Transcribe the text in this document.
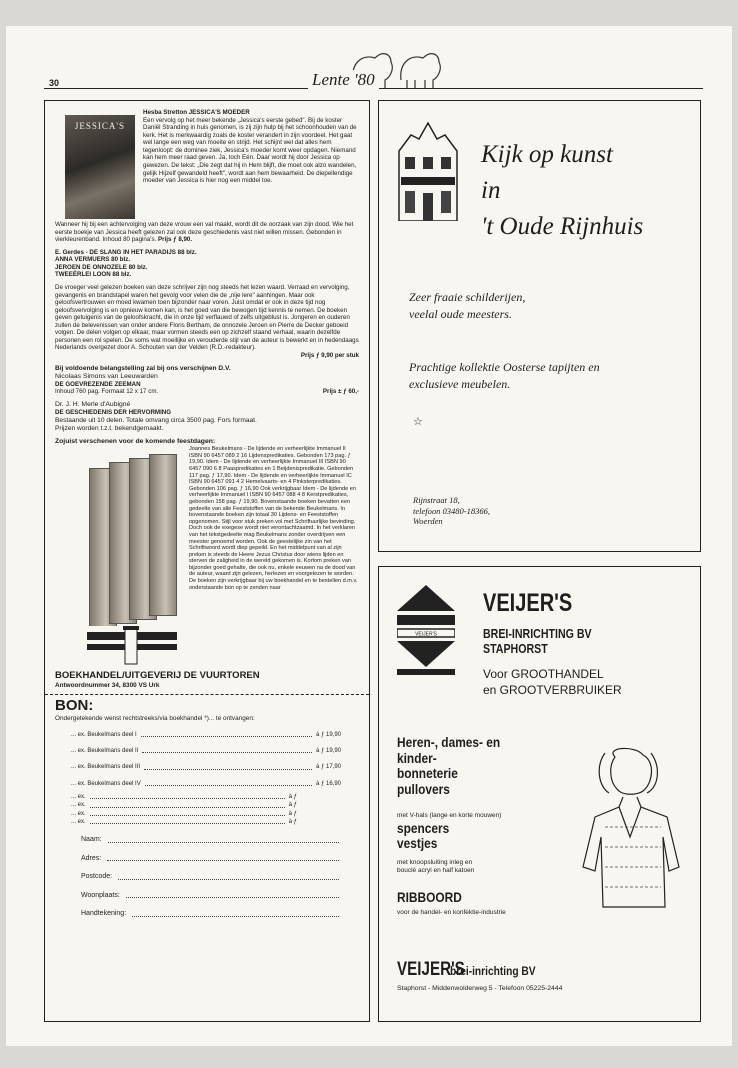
30	Lente '80
JESSICA'S
Hesba Stretton JESSICA'S MOEDER
Een vervolg op het meer bekende „Jessica's eerste gebed". Bij de koster Daniël Stranding in huis genomen, is zij zijn hulp bij het schoonhouden van de kerk. Het is merkwaardig zoals de koster verandert in zijn voordeel. Het gaat wel lange een weg van moeite en strijd. Het schijnt wel dat alles hem tegenloopt: de dominee ziek, Jessica's moeder komt weer opdagen. Niemand kan hem meer raad geven. Ja, toch Eén. Daar wordt hij door Jessica op gewezen. De tekst: „Die zegt dat hij in Hem blijft, die moet ook alzo wandelen, gelijk Hijzelf gewandeld heeft", wordt aan hem bewaarheid. De diepellendige moeder van Jessica is hier nog een middel toe.
Wanneer hij bij een achtervolging van deze vrouw een val maakt, wordt dit de oorzaak van zijn dood. Wie het eerste boekje van Jessica heeft gelezen zal ook deze geschiedenis vast niet willen missen. Gebonden in vierkleurenband. Inhoud 80 pagina's. Prijs ƒ 8,90.
E. Gerdes - DE SLANG IN HET PARADIJS 88 blz.
ANNA VERMUERS 80 blz.
JEROEN DE ONNOZELE 80 blz.
TWEEËRLEI LOON 88 blz.
De vroeger veel gelezen boeken van deze schrijver zijn nog steeds het lezen waard. Verraad en vervolging, gevangenis en brandstapel waren het gevolg voor velen die de „nije lere" aanhingen. Maar ook geloofsvertrouwen en moed kwamen toen bijzonder naar voren. Juist omdat er ook in deze tijd nog geloofsvervolging is en opnieuw komen kan, is het goed van die bewogen tijd kennis te nemen. De boeken geven getuigenis van de geloofskracht, die in onze tijd verflauwd of zelfs uitgeblust is. Jongeren en ouderen zullen de belevenissen van onder andere Floris Bertham, de onnozele Jeroen en Pierre de Decker geboeid volgen. De delen volgen op elkaar, maar vormen steeds een op zichzelf staand verhaal, waarin dezelfde personen een rol spelen. De soms wat moeilijke en verouderde stijl van de auteur is bewerkt en in hedendaags Nederlands overgezet door A. Schouten van der Velden (R.D.-redakteur).
Prijs ƒ 9,90 per stuk
Bij voldoende belangstelling zal bij ons verschijnen D.V.
Nicolaas Simons van Leeuwarden
DE GOEVREZENDE ZEEMAN
Inhoud 760 pag. Formaat 12 x 17 cm.	Prijs ± ƒ 60,-
Dr. J. H. Merle d'Aubigné
DE GESCHIEDENIS DER HERVORMING
Bestaande uit 10 delen. Totale omvang circa 3500 pag. Fors formaat.
Prijzen worden t.z.t. bekendgemaakt.
Zojuist verschenen voor de komende feestdagen:
Joannes Beukelmans - De lijdende en verheerlijkte Immanuel II ISBN 90 6457 089 2 16 Lijdenspredikaties. Gebonden 173 pag. ƒ 19,90. Idem - De lijdende en verheerlijkte Immanuel III ISBN 90 6457 090 6 8 Paaspredikaties en 1 Beijdenispredikatie. Gebonden 117 pag. ƒ 17,90. Idem - De lijdende en verheerlijkte Immanuel IC ISBN 90 6457 091 4 2 Hemelvaarts- en 4 Pinksterpredikaties. Gebonden 106 pag. ƒ 16,90 Ook verkrijgbaar Idem - De lijdende en verheerlijkte Immanuel I ISBN 90 6457 088 4 8 Kerstpredikaties, gebonden 158 pag. ƒ 19,90. Bovenstaande boeken bevatten een gedeelte van alle Feeststoffen van de bekende Beukelmans. In bovenstaande boeken zijn totaal 30 Lijdens- en Feeststoffen opgenomen. Stijl voor stuk preken vol met Schriftuurlijke bevinding. Doch ook de exegese wordt niet verontachtzaamd. In het verklaren van het tekstgedeelte mag Beukelmans zonder overdrijven een meester genoemd worden. Ook de geestelijke zin van het Schriftwoord wordt diep gepeild. En het middelpunt van al zijn preken is steeds de Heere Jezus Christus door wiens lijden en sterven de zaligheid in de wereld gekomen is. Kortom preken van bijzonder goed gehalte, die ook nu, enkele eeuwen na de dood van de auteur, waard zijn gelezen, herlezen en voorgelezen te worden. De boeken zijn verkrijgbaar bij uw boekhandel en te bestellen d.m.v. onderstaande bon op te zenden naar
BOEKHANDEL/UITGEVERIJ DE VUURTOREN
Antwoordnummer 34, 8300 VS Urk
BON:
Ondergetekende wenst rechtstreeks/via boekhandel *)... te ontvangen:
... ex. Beukelmans deel I	à ƒ 19,90
... ex. Beukelmans deel II	à ƒ 19,90
... ex. Beukelmans deel III	à ƒ 17,90
... ex. Beukelmans deel IV	à ƒ 16,90
... ex.	à ƒ
... ex.	à ƒ
... ex.	à ƒ
... ex.	à ƒ
Naam:
Adres:
Postcode:
Woonplaats:
Handtekening:
Kijk op kunst
in
't Oude Rijnhuis
Zeer fraaie schilderijen,
veelal oude meesters.
Prachtige kollektie Oosterse tapijten en
exclusieve meubelen.
☆
Rijnstraat 18,
telefoon 03480-18366,
Woerden
VEIJER'S
VEIJER'S
BREI-INRICHTING BV
STAPHORST
Voor GROOTHANDEL
en GROOTVERBRUIKER
Heren-, dames- en
kinder-
bonneterie
pullovers
met V-hals (lange en korte mouwen)
spencers
vestjes
met knoopsluiting inleg en
bouclé acryl en half katoen
RIBBOORD
voor de handel- en konfektie-industrie
VEIJER'Sbrei-inrichting BV
Staphorst - Middenwolderweg 5 - Telefoon 05225-2444
